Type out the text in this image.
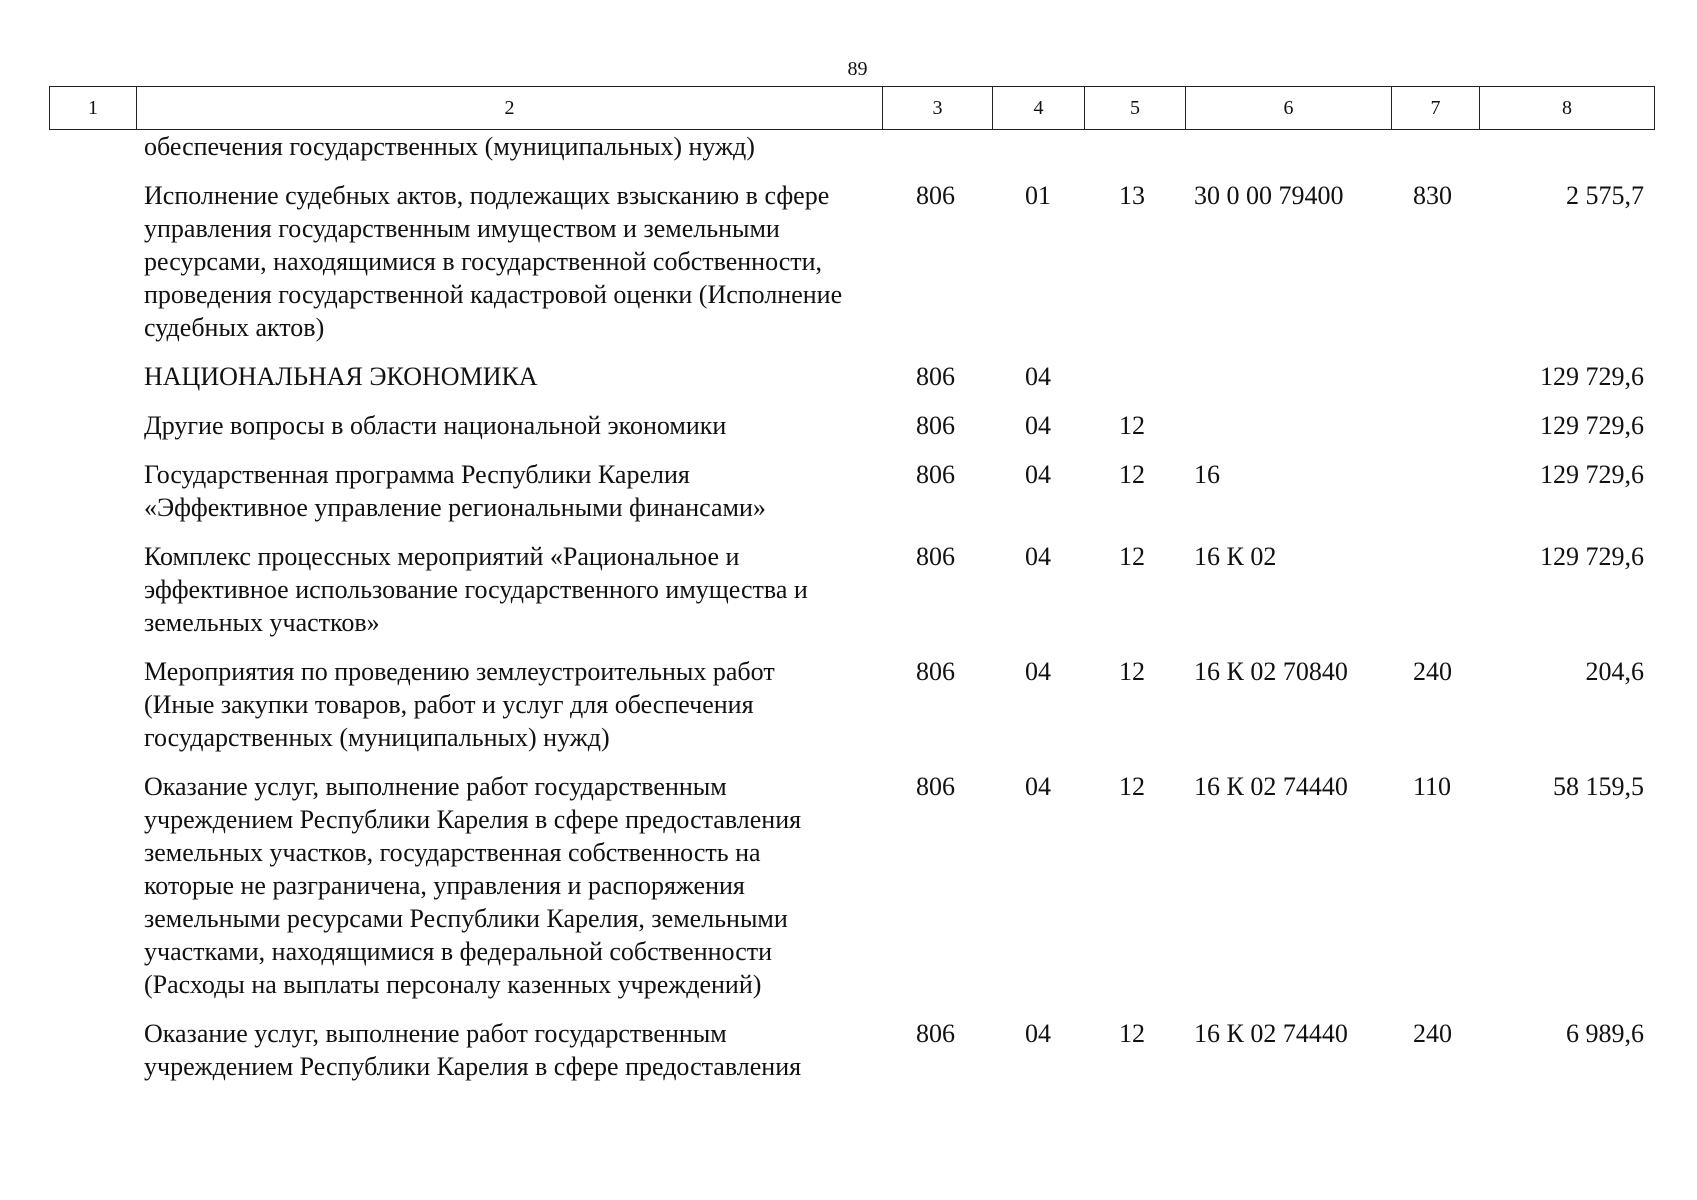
89
1	2	3	4	5	6	7	8
обеспечения государственных (муниципальных) нужд)						

Исполнение судебных актов, подлежащих взысканию в сфере управления государственным имуществом и земельными ресурсами, находящимися в государственной собственности, проведения государственной кадастровой оценки (Исполнение судебных актов)	806	01	13	30 0 00 79400	830	2 575,7

НАЦИОНАЛЬНАЯ ЭКОНОМИКА	806	04				129 729,6

Другие вопросы в области национальной экономики	806	04	12			129 729,6

Государственная программа Республики Карелия «Эффективное управление региональными финансами»	806	04	12	16		129 729,6

Комплекс процессных мероприятий «Рациональное и эффективное использование государственного имущества и земельных участков»	806	04	12	16 К 02		129 729,6

Мероприятия по проведению землеустроительных работ (Иные закупки товаров, работ и услуг для обеспечения государственных (муниципальных) нужд)	806	04	12	16 К 02 70840	240	204,6

Оказание услуг, выполнение работ государственным учреждением Республики Карелия в сфере предоставления земельных участков, государственная собственность на которые не разграничена, управления и распоряжения земельными ресурсами Республики Карелия, земельными участками, находящимися в федеральной собственности (Расходы на выплаты персоналу казенных учреждений)	806	04	12	16 К 02 74440	110	58 159,5

Оказание услуг, выполнение работ государственным учреждением Республики Карелия в сфере предоставления	806	04	12	16 К 02 74440	240	6 989,6
